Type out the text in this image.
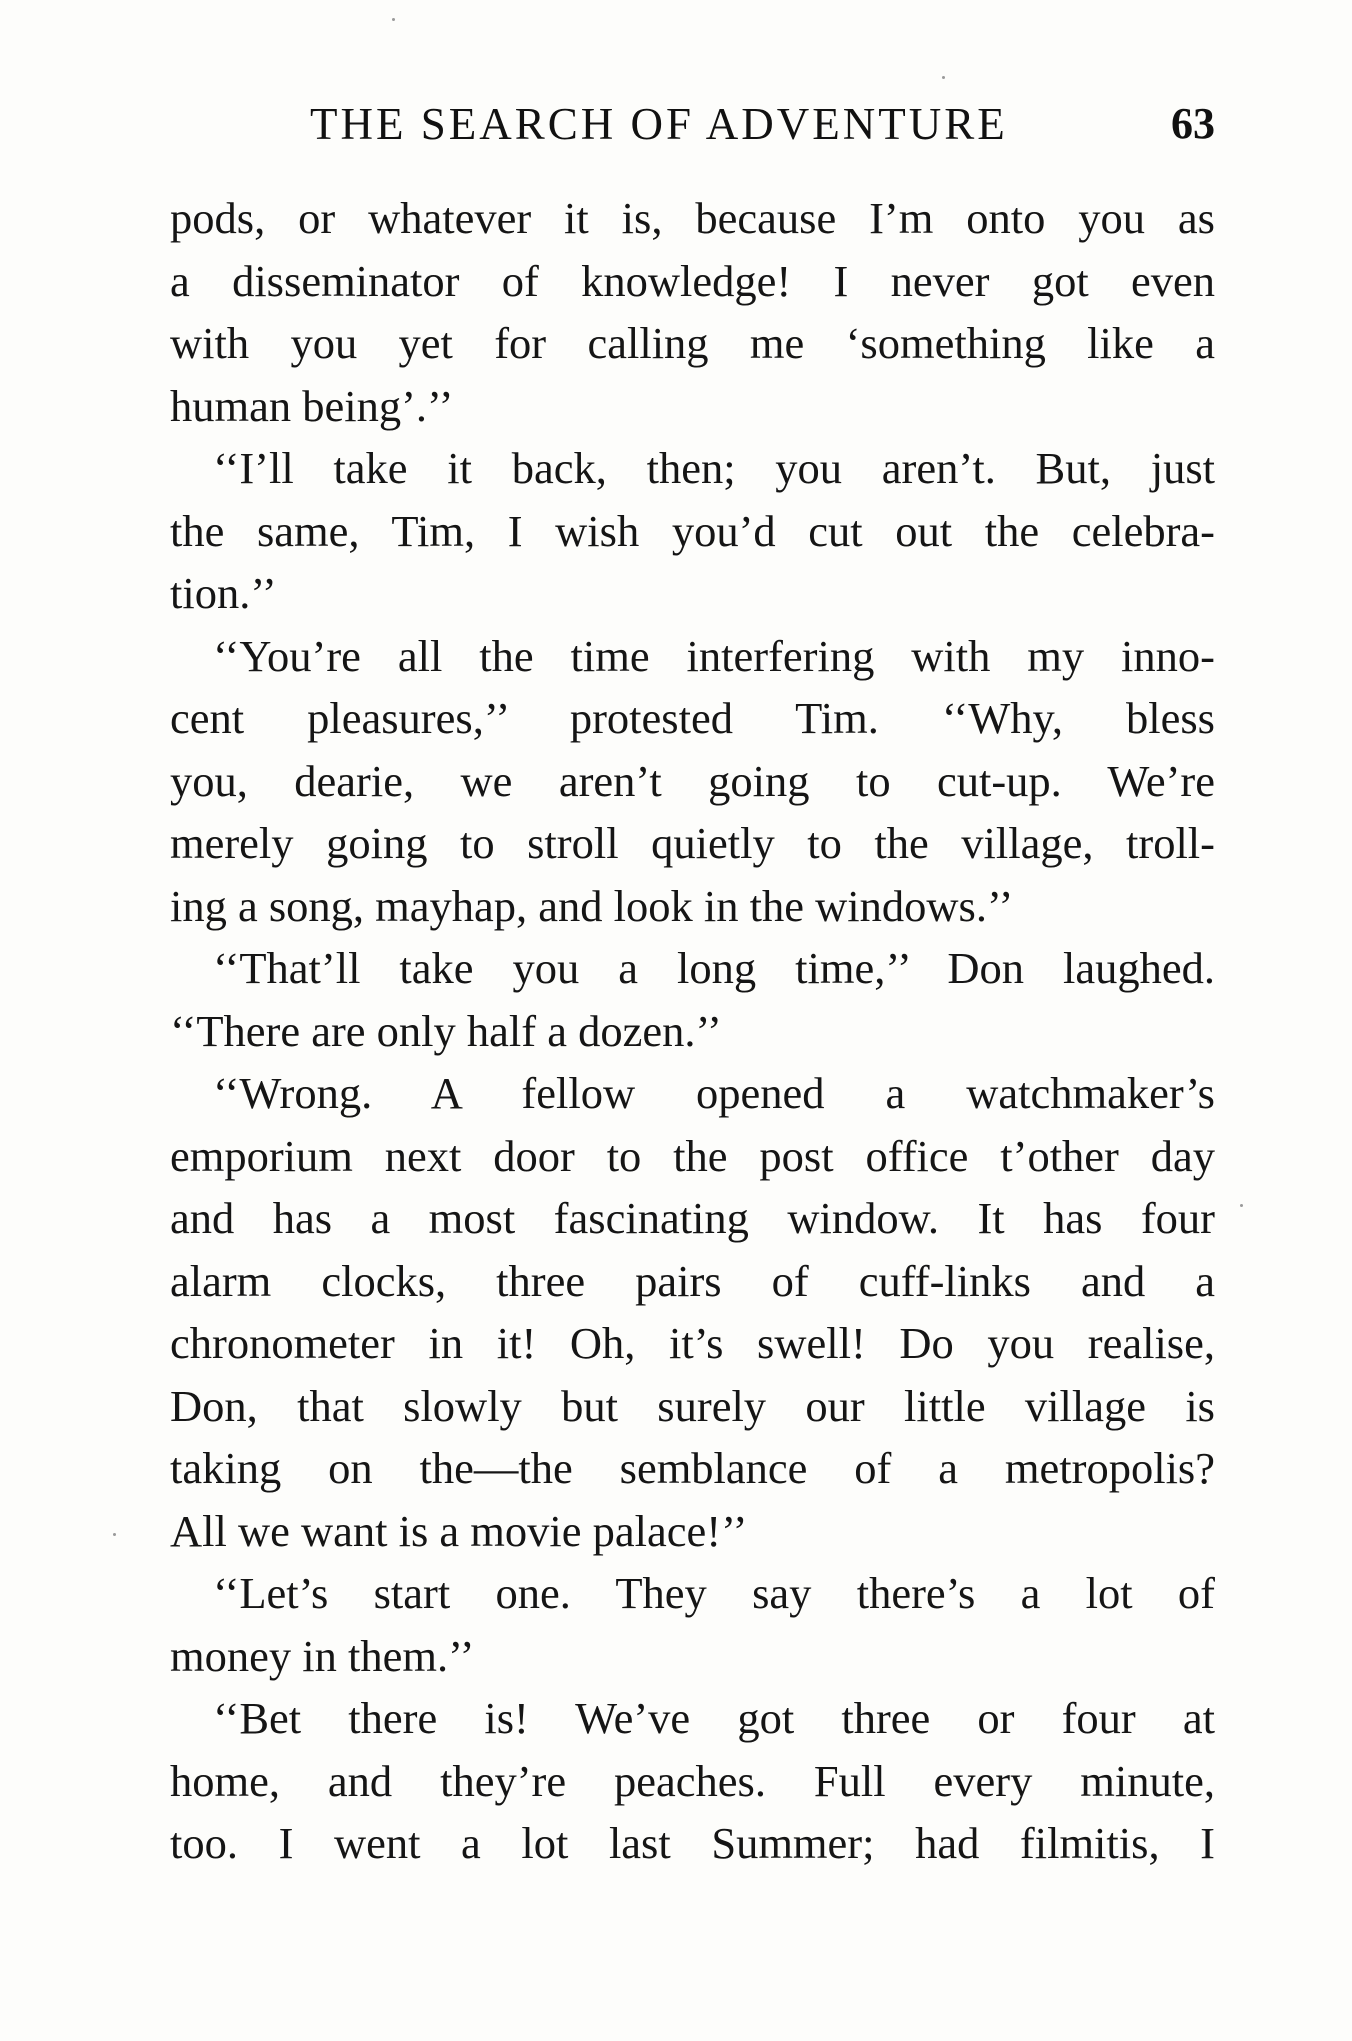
THE SEARCH OF ADVENTURE	63
pods, or whatever it is, because I’m onto you as
a disseminator of knowledge! I never got even
with you yet for calling me ‘something like a
human being’.’’
‘‘I’ll take it back, then; you aren’t. But, just
the same, Tim, I wish you’d cut out the celebra-
tion.’’
‘‘You’re all the time interfering with my inno-
cent pleasures,’’ protested Tim. ‘‘Why, bless
you, dearie, we aren’t going to cut-up. We’re
merely going to stroll quietly to the village, troll-
ing a song, mayhap, and look in the windows.’’
‘‘That’ll take you a long time,’’ Don laughed.
‘‘There are only half a dozen.’’
‘‘Wrong. A fellow opened a watchmaker’s
emporium next door to the post office t’other day
and has a most fascinating window. It has four
alarm clocks, three pairs of cuff-links and a
chronometer in it! Oh, it’s swell! Do you realise,
Don, that slowly but surely our little village is
taking on the—the semblance of a metropolis?
All we want is a movie palace!’’
‘‘Let’s start one. They say there’s a lot of
money in them.’’
‘‘Bet there is! We’ve got three or four at
home, and they’re peaches. Full every minute,
too. I went a lot last Summer; had filmitis, I
